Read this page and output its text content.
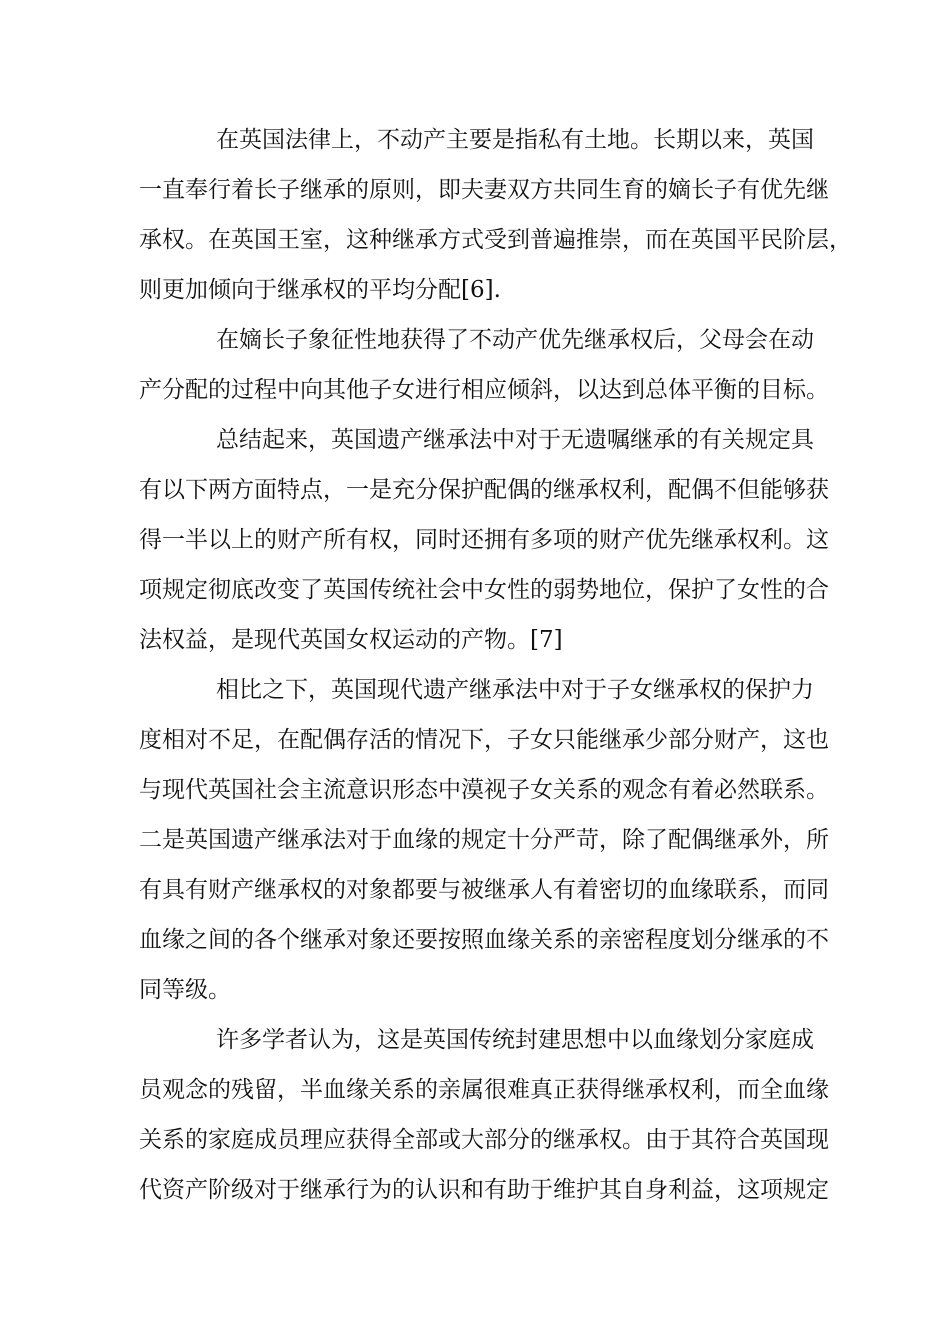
在英国法律上，不动产主要是指私有土地。长期以来，英国

一直奉行着长子继承的原则，即夫妻双方共同生育的嫡长子有优先继

承权。在英国王室，这种继承方式受到普遍推崇，而在英国平民阶层，

则更加倾向于继承权的平均分配[6].

在嫡长子象征性地获得了不动产优先继承权后，父母会在动

产分配的过程中向其他子女进行相应倾斜，以达到总体平衡的目标。

总结起来，英国遗产继承法中对于无遗嘱继承的有关规定具

有以下两方面特点，一是充分保护配偶的继承权利，配偶不但能够获

得一半以上的财产所有权，同时还拥有多项的财产优先继承权利。这

项规定彻底改变了英国传统社会中女性的弱势地位，保护了女性的合

法权益，是现代英国女权运动的产物。[7]

相比之下，英国现代遗产继承法中对于子女继承权的保护力

度相对不足，在配偶存活的情况下，子女只能继承少部分财产，这也

与现代英国社会主流意识形态中漠视子女关系的观念有着必然联系。

二是英国遗产继承法对于血缘的规定十分严苛，除了配偶继承外，所

有具有财产继承权的对象都要与被继承人有着密切的血缘联系，而同

血缘之间的各个继承对象还要按照血缘关系的亲密程度划分继承的不

同等级。

许多学者认为，这是英国传统封建思想中以血缘划分家庭成

员观念的残留，半血缘关系的亲属很难真正获得继承权利，而全血缘

关系的家庭成员理应获得全部或大部分的继承权。由于其符合英国现

代资产阶级对于继承行为的认识和有助于维护其自身利益，这项规定
